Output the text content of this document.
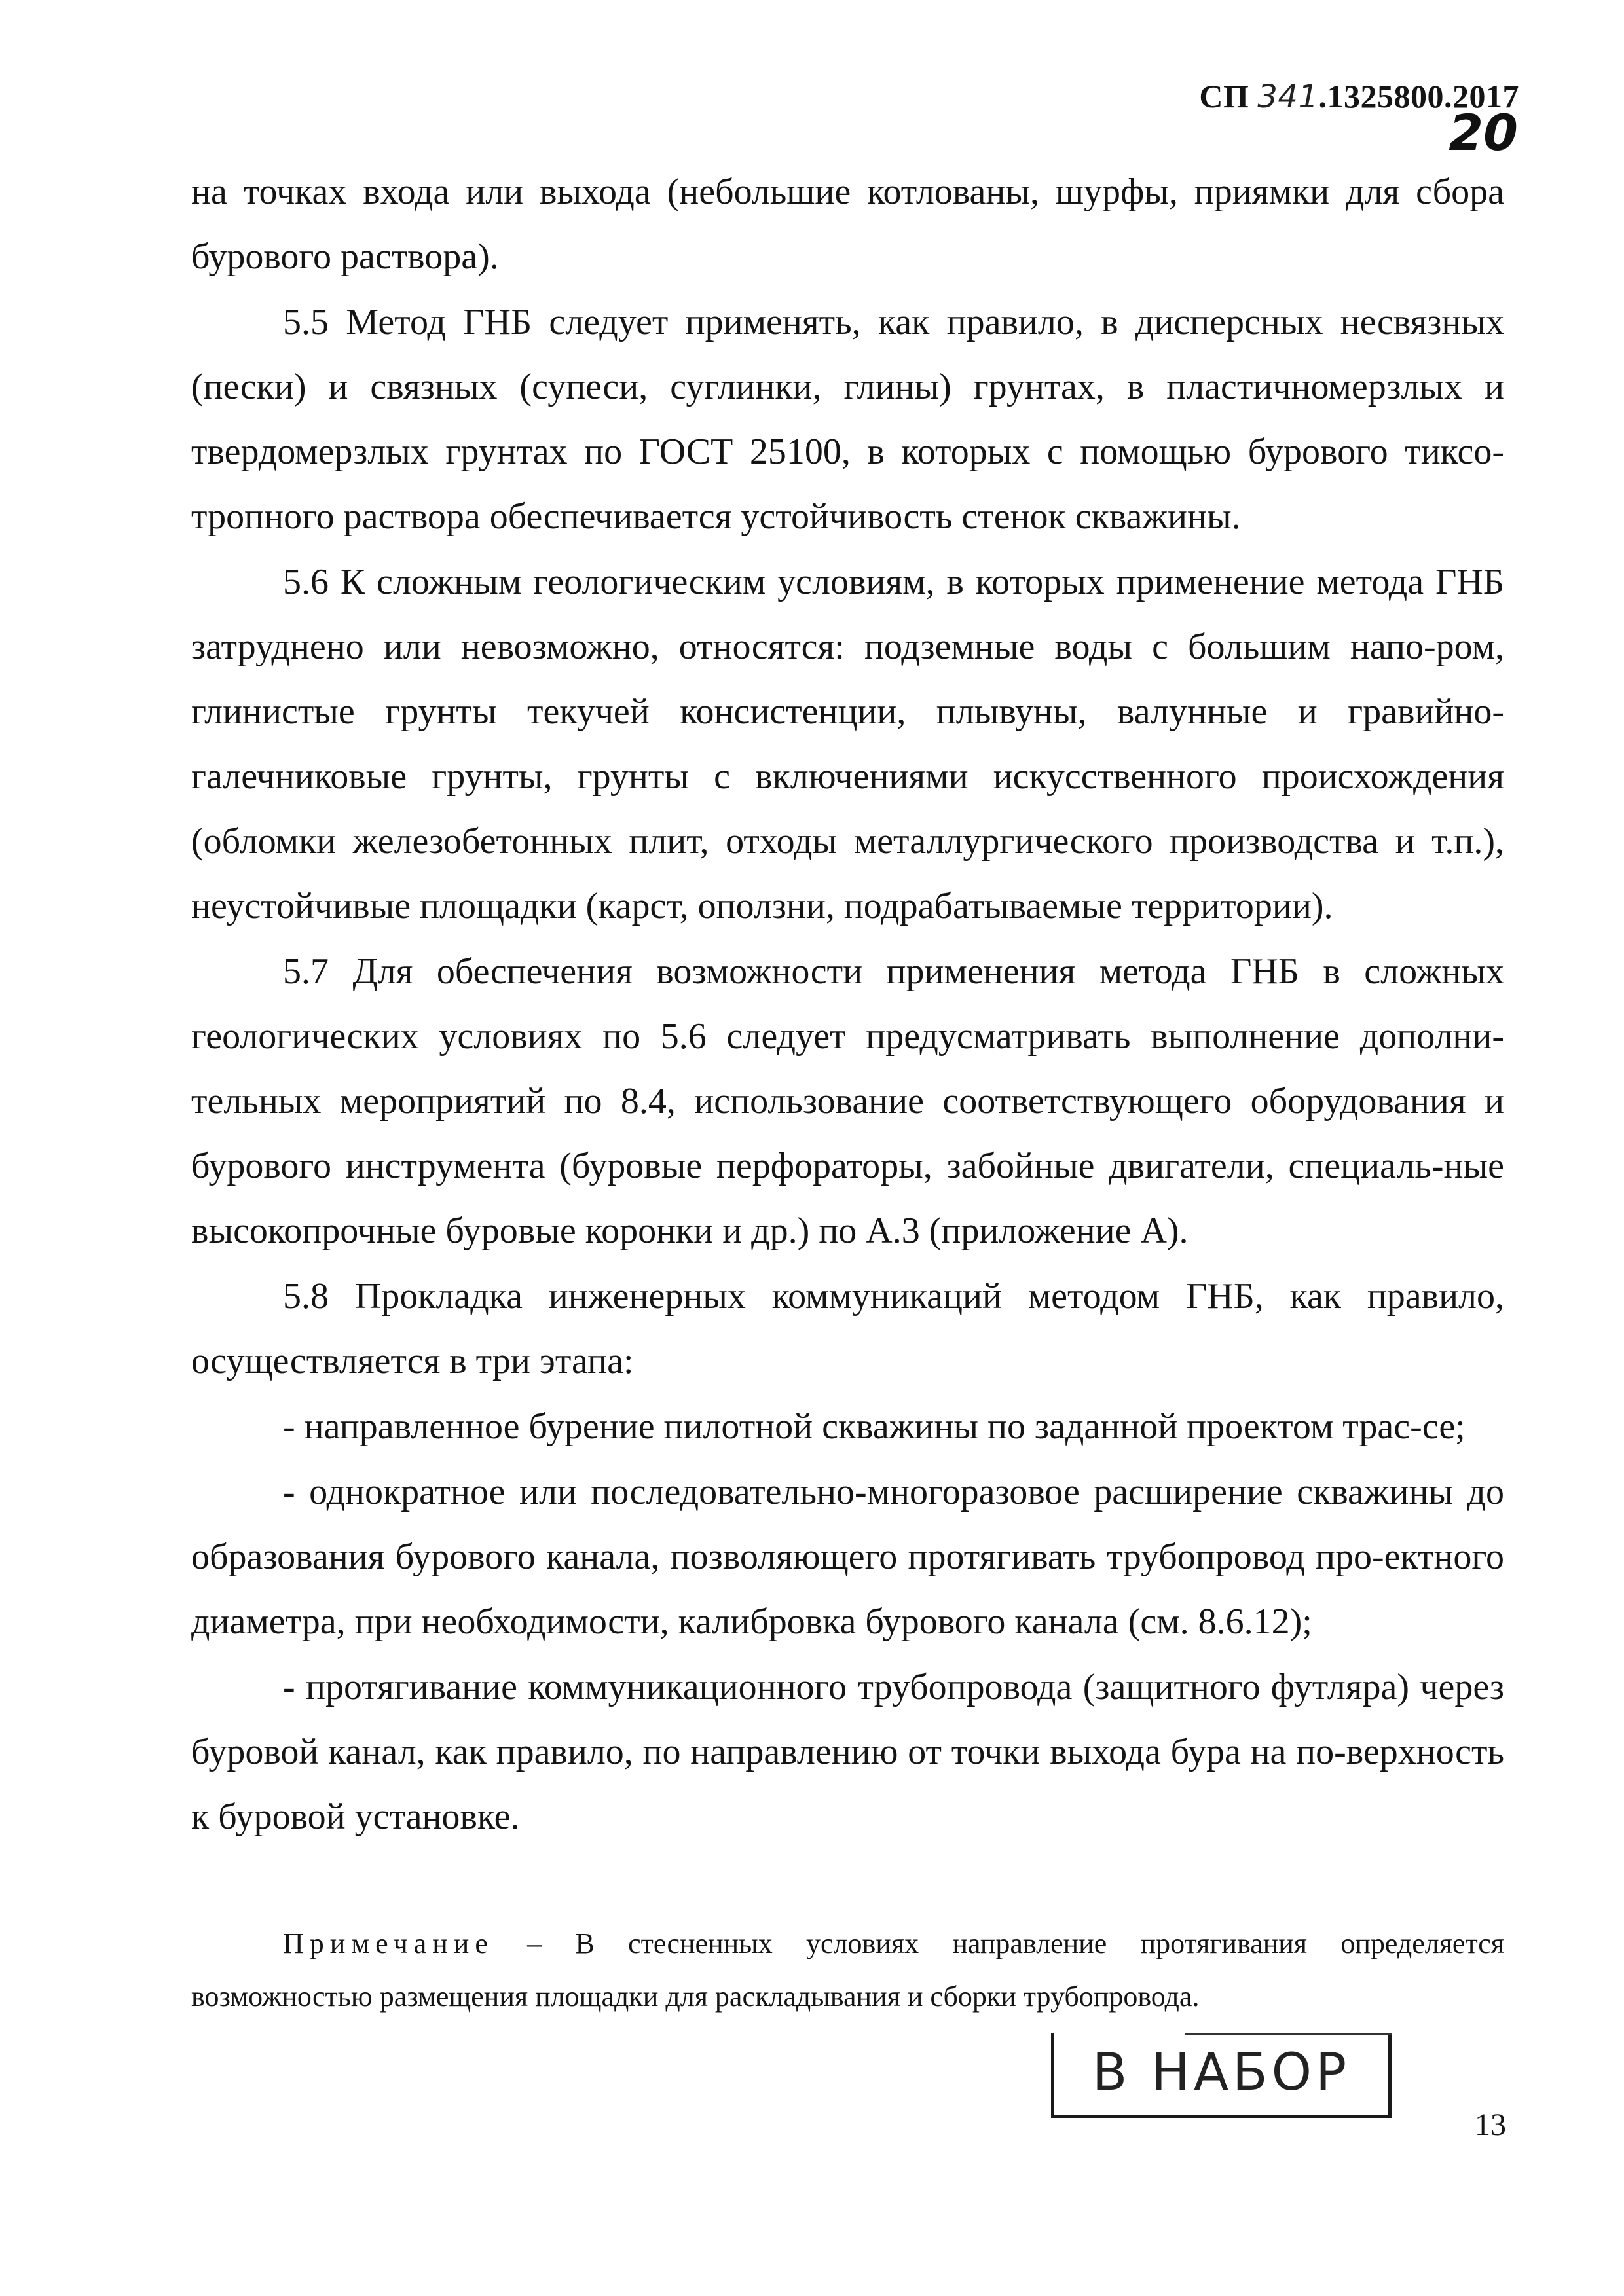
СП 341.1325800.2017
20

на точках входа или выхода (небольшие котлованы, шурфы, приямки для сбора бурового раствора).

5.5 Метод ГНБ следует применять, как правило, в дисперсных несвязных (пески) и связных (супеси, суглинки, глины) грунтах, в пластичномерзлых и твердомерзлых грунтах по ГОСТ 25100, в которых с помощью бурового тиксо-тропного раствора обеспечивается устойчивость стенок скважины.

5.6 К сложным геологическим условиям, в которых применение метода ГНБ затруднено или невозможно, относятся: подземные воды с большим напо-ром, глинистые грунты текучей консистенции, плывуны, валунные и гравийно-галечниковые грунты, грунты с включениями искусственного происхождения (обломки железобетонных плит, отходы металлургического производства и т.п.), неустойчивые площадки (карст, оползни, подрабатываемые территории).

5.7 Для обеспечения возможности применения метода ГНБ в сложных геологических условиях по 5.6 следует предусматривать выполнение дополни-тельных мероприятий по 8.4, использование соответствующего оборудования и бурового инструмента (буровые перфораторы, забойные двигатели, специаль-ные высокопрочные буровые коронки и др.) по А.3 (приложение А).

5.8 Прокладка инженерных коммуникаций методом ГНБ, как правило, осуществляется в три этапа:

- направленное бурение пилотной скважины по заданной проектом трас-се;

- однократное или последовательно-многоразовое расширение скважины до образования бурового канала, позволяющего протягивать трубопровод про-ектного диаметра, при необходимости, калибровка бурового канала (см. 8.6.12);

- протягивание коммуникационного трубопровода (защитного футляра) через буровой канал, как правило, по направлению от точки выхода бура на по-верхность к буровой установке.

Примечание – В стесненных условиях направление протягивания определяется возможностью размещения площадки для раскладывания и сборки трубопровода.
В НАБОР
13
